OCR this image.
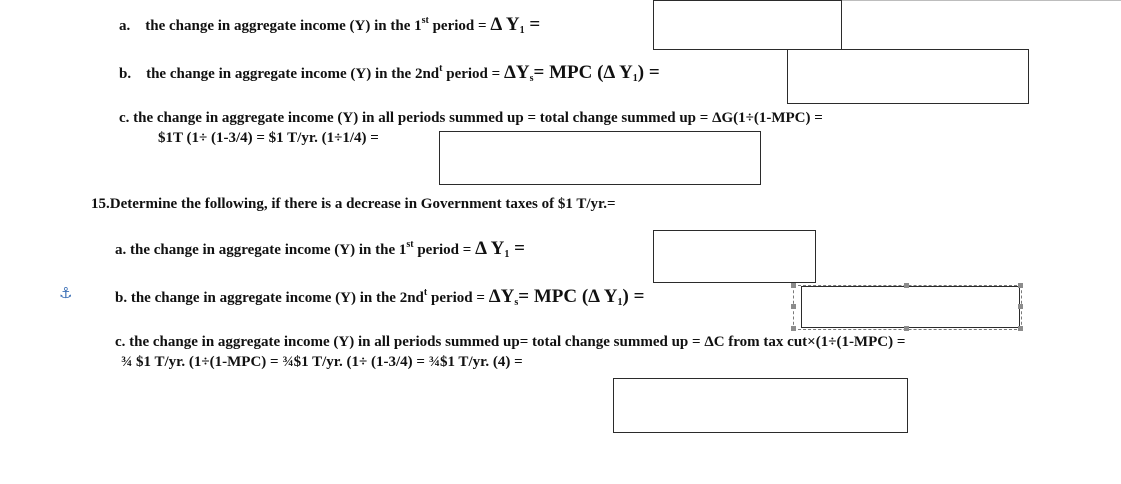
a. the change in aggregate income (Y) in the 1st period = Δ $Y_1$ =
b. the change in aggregate income (Y) in the $2nd^t$ period = $\Delta Y_s=$ MPC (Δ $Y_1$) =
c. the change in aggregate income (Y) in all periods summed up = total change summed up = ΔG(1÷(1-MPC) =
$1T (1÷ (1-3/4) = $1 T/yr. (1÷1/4) =
15.Determine the following, if there is a decrease in Government taxes of $1 T/yr.=
a. the change in aggregate income (Y) in the 1st period = Δ $Y_1$ =
⚓	b. the change in aggregate income (Y) in the $2nd^t$ period = $\Delta Y_s=$ MPC (Δ $Y_1$) =
c. the change in aggregate income (Y) in all periods summed up= total change summed up = ΔC from tax cut×(1÷(1-MPC) =
¾ $1 T/yr. (1÷(1-MPC) = ¾$1 T/yr. (1÷ (1-3/4) = ¾$1 T/yr. (4) =
